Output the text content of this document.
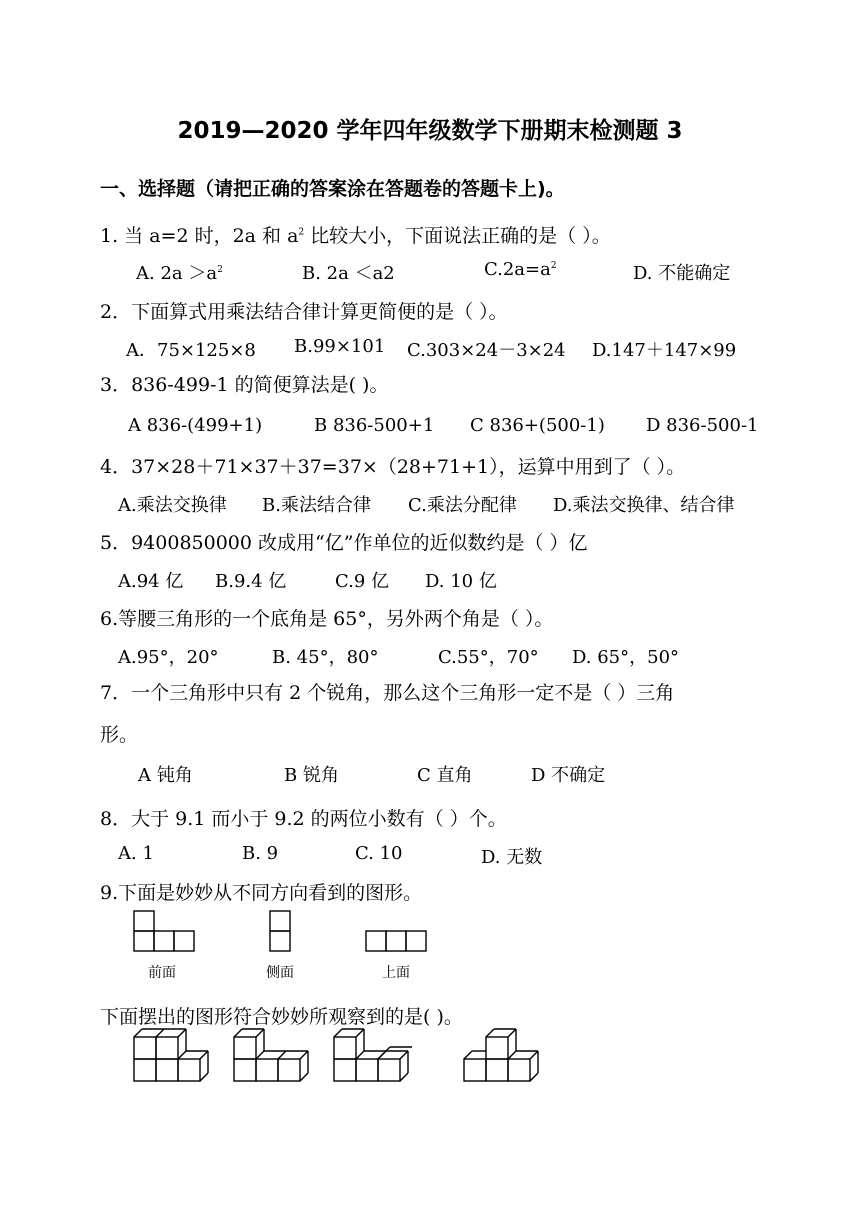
2019—2020 学年四年级数学下册期末检测题 3
一、选择题（请把正确的答案涂在答题卷的答题卡上)。
1. 当 a=2 时，2a 和 $a^2$ 比较大小，下面说法正确的是（ ）。
A. $2a >a^2$	B. 2a ＜a2	$C.2a=a^2$	D. 不能确定
2．下面算式用乘法结合律计算更简便的是（ ）。
A．75×125×8 B.99×101 C.303×24－3×24 D.147＋147×99
3．836-499-1 的简便算法是( )。
A 836-(499+1)	B 836-500+1 C 836+(500-1) D 836-500-1
4．37×28＋71×37＋37=37×（28+71+1），运算中用到了（ ）。
A.乘法交换律 B.乘法结合律 C.乘法分配律 D.乘法交换律、结合律
5．9400850000 改成用“亿”作单位的近似数约是（ ）亿
A.94 亿 B.9.4 亿	C.9 亿 D. 10 亿
6.等腰三角形的一个底角是 65°，另外两个角是（ ）。
A.95°，20°	B. 45°，80°	C.55°，70° D. 65°，50°
7．一个三角形中只有 2 个锐角，那么这个三角形一定不是（ ）三角
形。
A 钝角	B 锐角	C 直角	D 不确定
8．大于 9.1 而小于 9.2 的两位小数有（ ）个。
A. 1	B. 9	C. 10	D. 无数
9.下面是妙妙从不同方向看到的图形。
前面	侧面	上面
下面摆出的图形符合妙妙所观察到的是( )。
